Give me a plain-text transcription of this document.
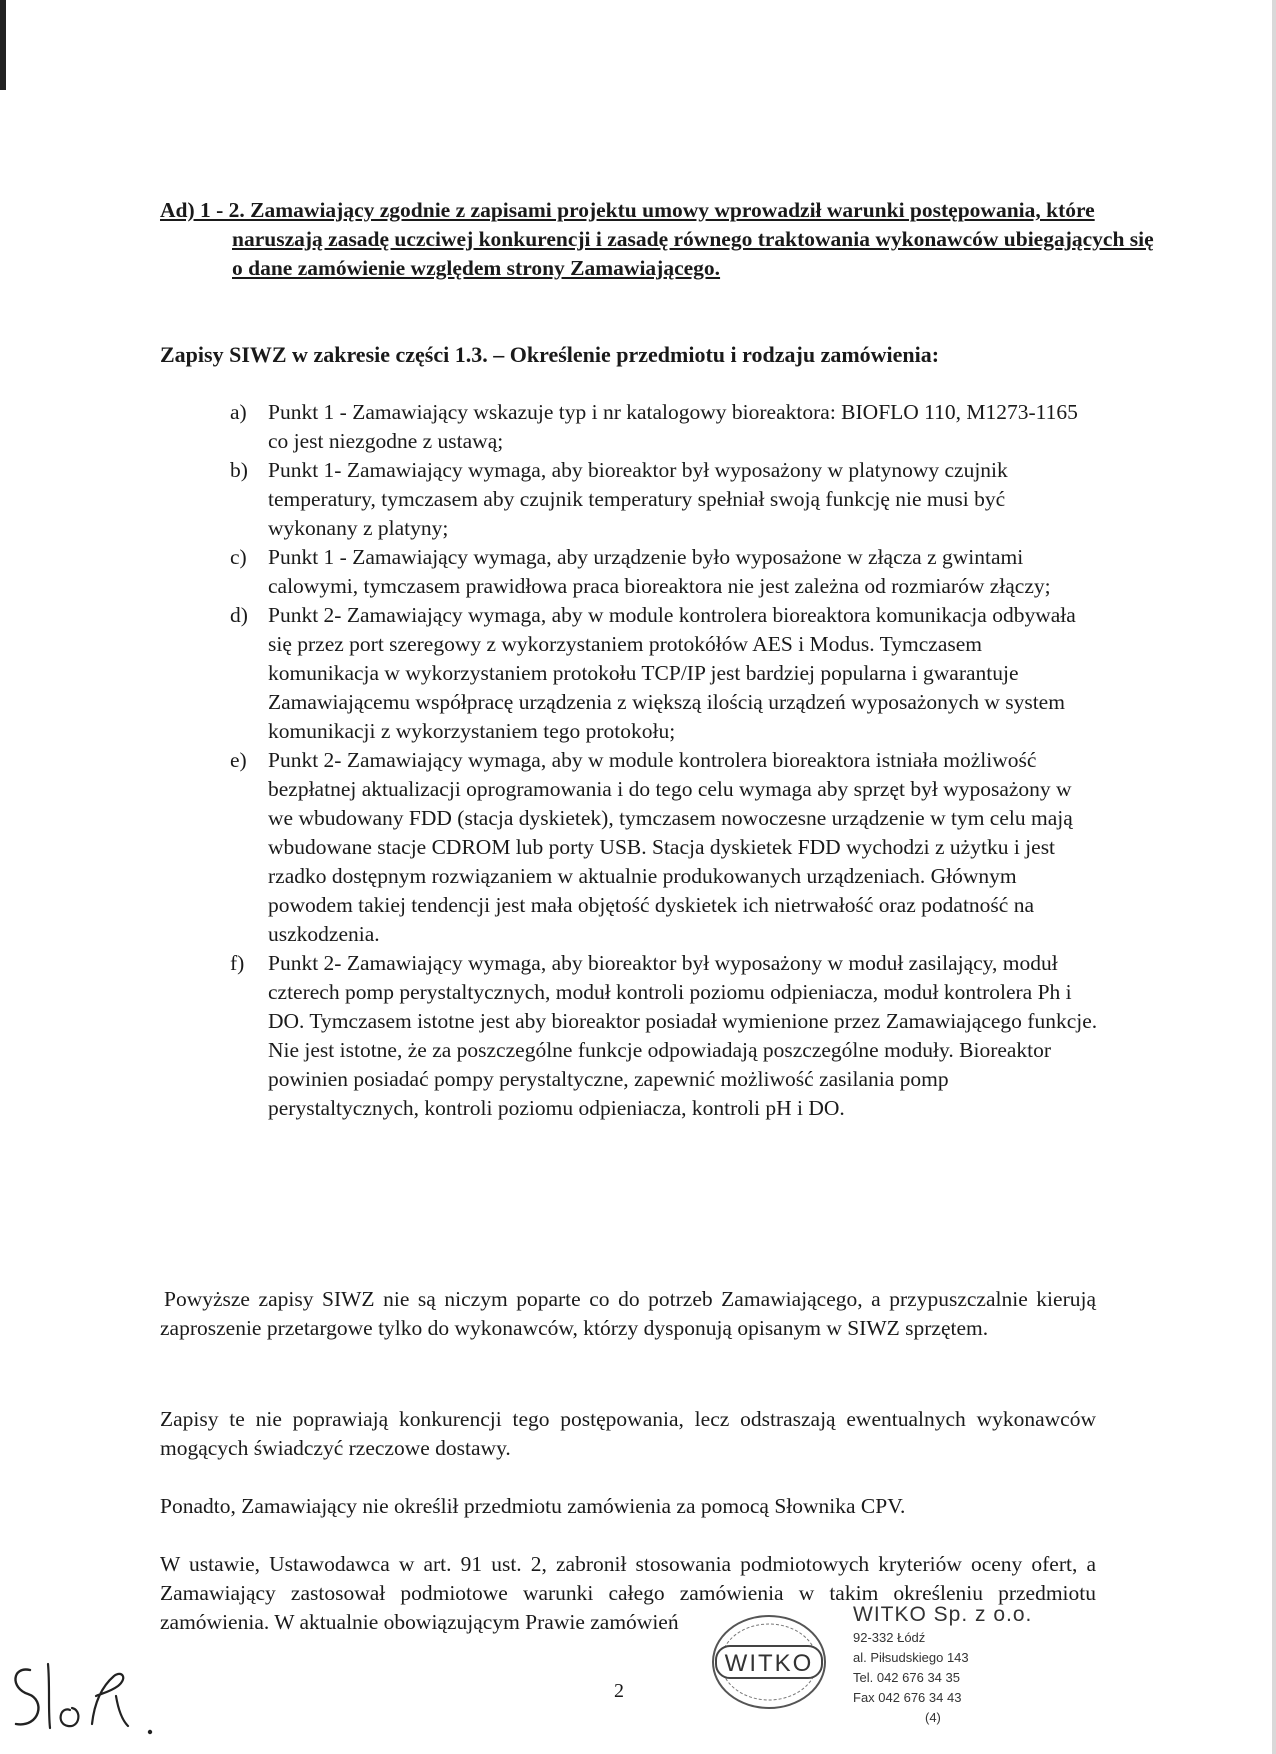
Ad) 1 - 2. Zamawiający zgodnie z zapisami projektu umowy wprowadził warunki postępowania, które naruszają zasadę uczciwej konkurencji i zasadę równego traktowania wykonawców ubiegających się o dane zamówienie względem strony Zamawiającego.
Zapisy SIWZ w zakresie części 1.3. – Określenie przedmiotu i rodzaju zamówienia:
a) Punkt 1 - Zamawiający wskazuje typ i nr katalogowy bioreaktora: BIOFLO 110, M1273-1165 co jest niezgodne z ustawą;
b) Punkt 1- Zamawiający wymaga, aby bioreaktor był wyposażony w platynowy czujnik temperatury, tymczasem aby czujnik temperatury spełniał swoją funkcję nie musi być wykonany z platyny;
c) Punkt 1 - Zamawiający wymaga, aby urządzenie było wyposażone w złącza z gwintami calowymi, tymczasem prawidłowa praca bioreaktora nie jest zależna od rozmiarów złączy;
d) Punkt 2- Zamawiający wymaga, aby w module kontrolera bioreaktora komunikacja odbywała się przez port szeregowy z wykorzystaniem protokółów AES i Modus. Tymczasem komunikacja w wykorzystaniem protokołu TCP/IP jest bardziej popularna i gwarantuje Zamawiającemu współpracę urządzenia z większą ilością urządzeń wyposażonych w system komunikacji z wykorzystaniem tego protokołu;
e) Punkt 2- Zamawiający wymaga, aby w module kontrolera bioreaktora istniała możliwość bezpłatnej aktualizacji oprogramowania i do tego celu wymaga aby sprzęt był wyposażony w we wbudowany FDD (stacja dyskietek), tymczasem nowoczesne urządzenie w tym celu mają wbudowane stacje CDROM lub porty USB. Stacja dyskietek FDD wychodzi z użytku i jest rzadko dostępnym rozwiązaniem w aktualnie produkowanych urządzeniach. Głównym powodem takiej tendencji jest mała objętość dyskietek ich nietrwałość oraz podatność na uszkodzenia.
f) Punkt 2- Zamawiający wymaga, aby bioreaktor był wyposażony w moduł zasilający, moduł czterech pomp perystaltycznych, moduł kontroli poziomu odpieniacza, moduł kontrolera Ph i DO. Tymczasem istotne jest aby bioreaktor posiadał wymienione przez Zamawiającego funkcje. Nie jest istotne, że za poszczególne funkcje odpowiadają poszczególne moduły. Bioreaktor powinien posiadać pompy perystaltyczne, zapewnić możliwość zasilania pomp perystaltycznych, kontroli poziomu odpieniacza, kontroli pH i DO.

Powyższe zapisy SIWZ nie są niczym poparte co do potrzeb Zamawiającego, a przypuszczalnie kierują zaproszenie przetargowe tylko do wykonawców, którzy dysponują opisanym w SIWZ sprzętem.

Zapisy te nie poprawiają konkurencji tego postępowania, lecz odstraszają ewentualnych wykonawców mogących świadczyć rzeczowe dostawy.

Ponadto, Zamawiający nie określił przedmiotu zamówienia za pomocą Słownika CPV.

W ustawie, Ustawodawca w art. 91 ust. 2, zabronił stosowania podmiotowych kryteriów oceny ofert, a Zamawiający zastosował podmiotowe warunki całego zamówienia w takim określeniu przedmiotu zamówienia. W aktualnie obowiązującym Prawie zamówień

WITKO
WITKO Sp. z o.o.
92-332 Łódź
al. Piłsudskiego 143
Tel. 042 676 34 35
Fax 042 676 34 43
(4)
2
